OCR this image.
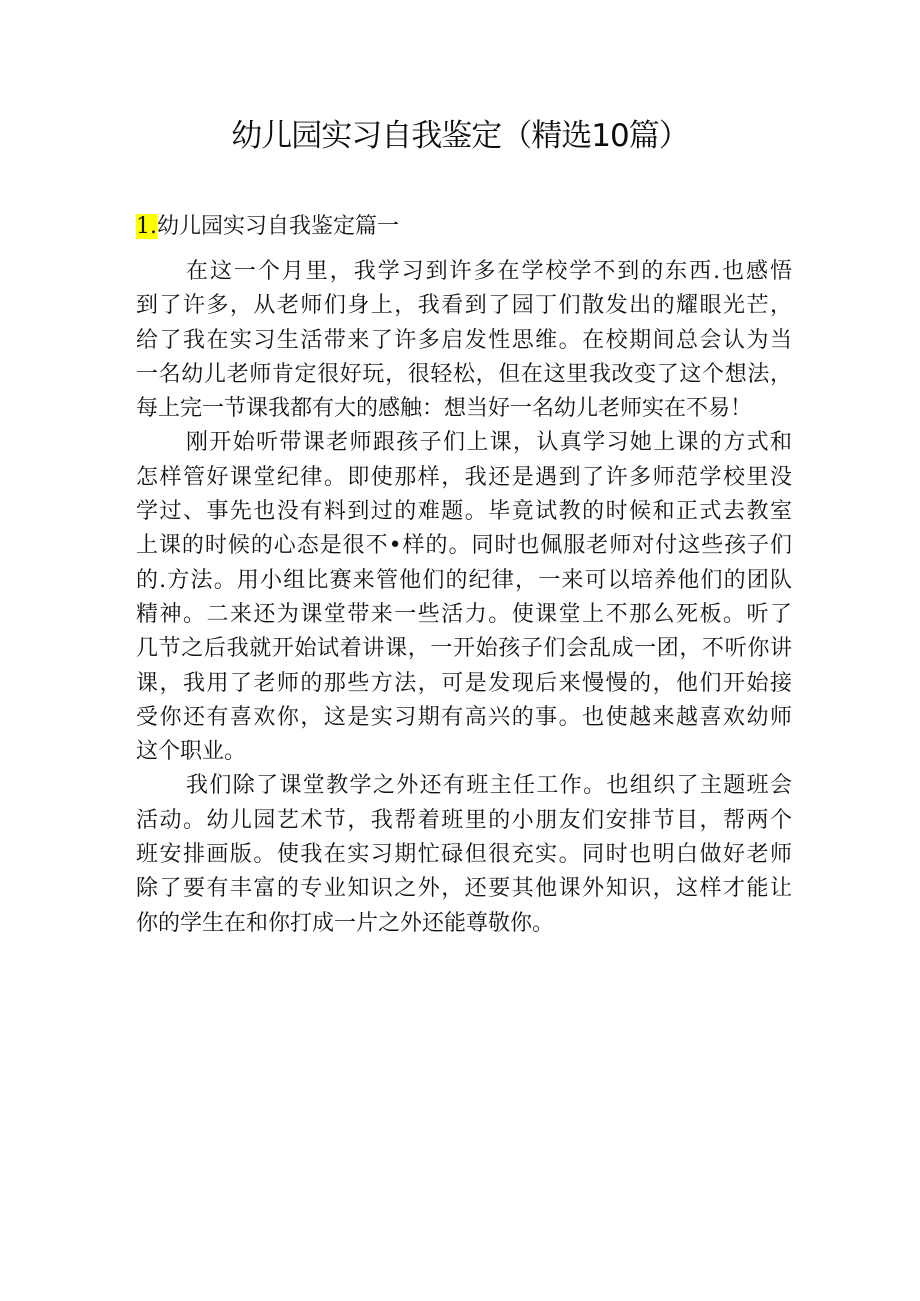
幼儿园实习自我鉴定（精选10篇）
1.幼儿园实习自我鉴定篇一

在这一个月里，我学习到许多在学校学不到的东西.也感悟
到了许多，从老师们身上，我看到了园丁们散发出的耀眼光芒，
给了我在实习生活带来了许多启发性思维。在校期间总会认为当
一名幼儿老师肯定很好玩，很轻松，但在这里我改变了这个想法，
每上完一节课我都有大的感触：想当好一名幼儿老师实在不易！

刚开始听带课老师跟孩子们上课，认真学习她上课的方式和
怎样管好课堂纪律。即使那样，我还是遇到了许多师范学校里没
学过、事先也没有料到过的难题。毕竟试教的时候和正式去教室
上课的时候的心态是很不•样的。同时也佩服老师对付这些孩子们
的.方法。用小组比赛来管他们的纪律，一来可以培养他们的团队
精神。二来还为课堂带来一些活力。使课堂上不那么死板。听了
几节之后我就开始试着讲课，一开始孩子们会乱成一团，不听你讲
课，我用了老师的那些方法，可是发现后来慢慢的，他们开始接
受你还有喜欢你，这是实习期有高兴的事。也使越来越喜欢幼师
这个职业。

我们除了课堂教学之外还有班主任工作。也组织了主题班会
活动。幼儿园艺术节，我帮着班里的小朋友们安排节目，帮两个
班安排画版。使我在实习期忙碌但很充实。同时也明白做好老师
除了要有丰富的专业知识之外，还要其他课外知识，这样才能让
你的学生在和你打成一片之外还能尊敬你。
